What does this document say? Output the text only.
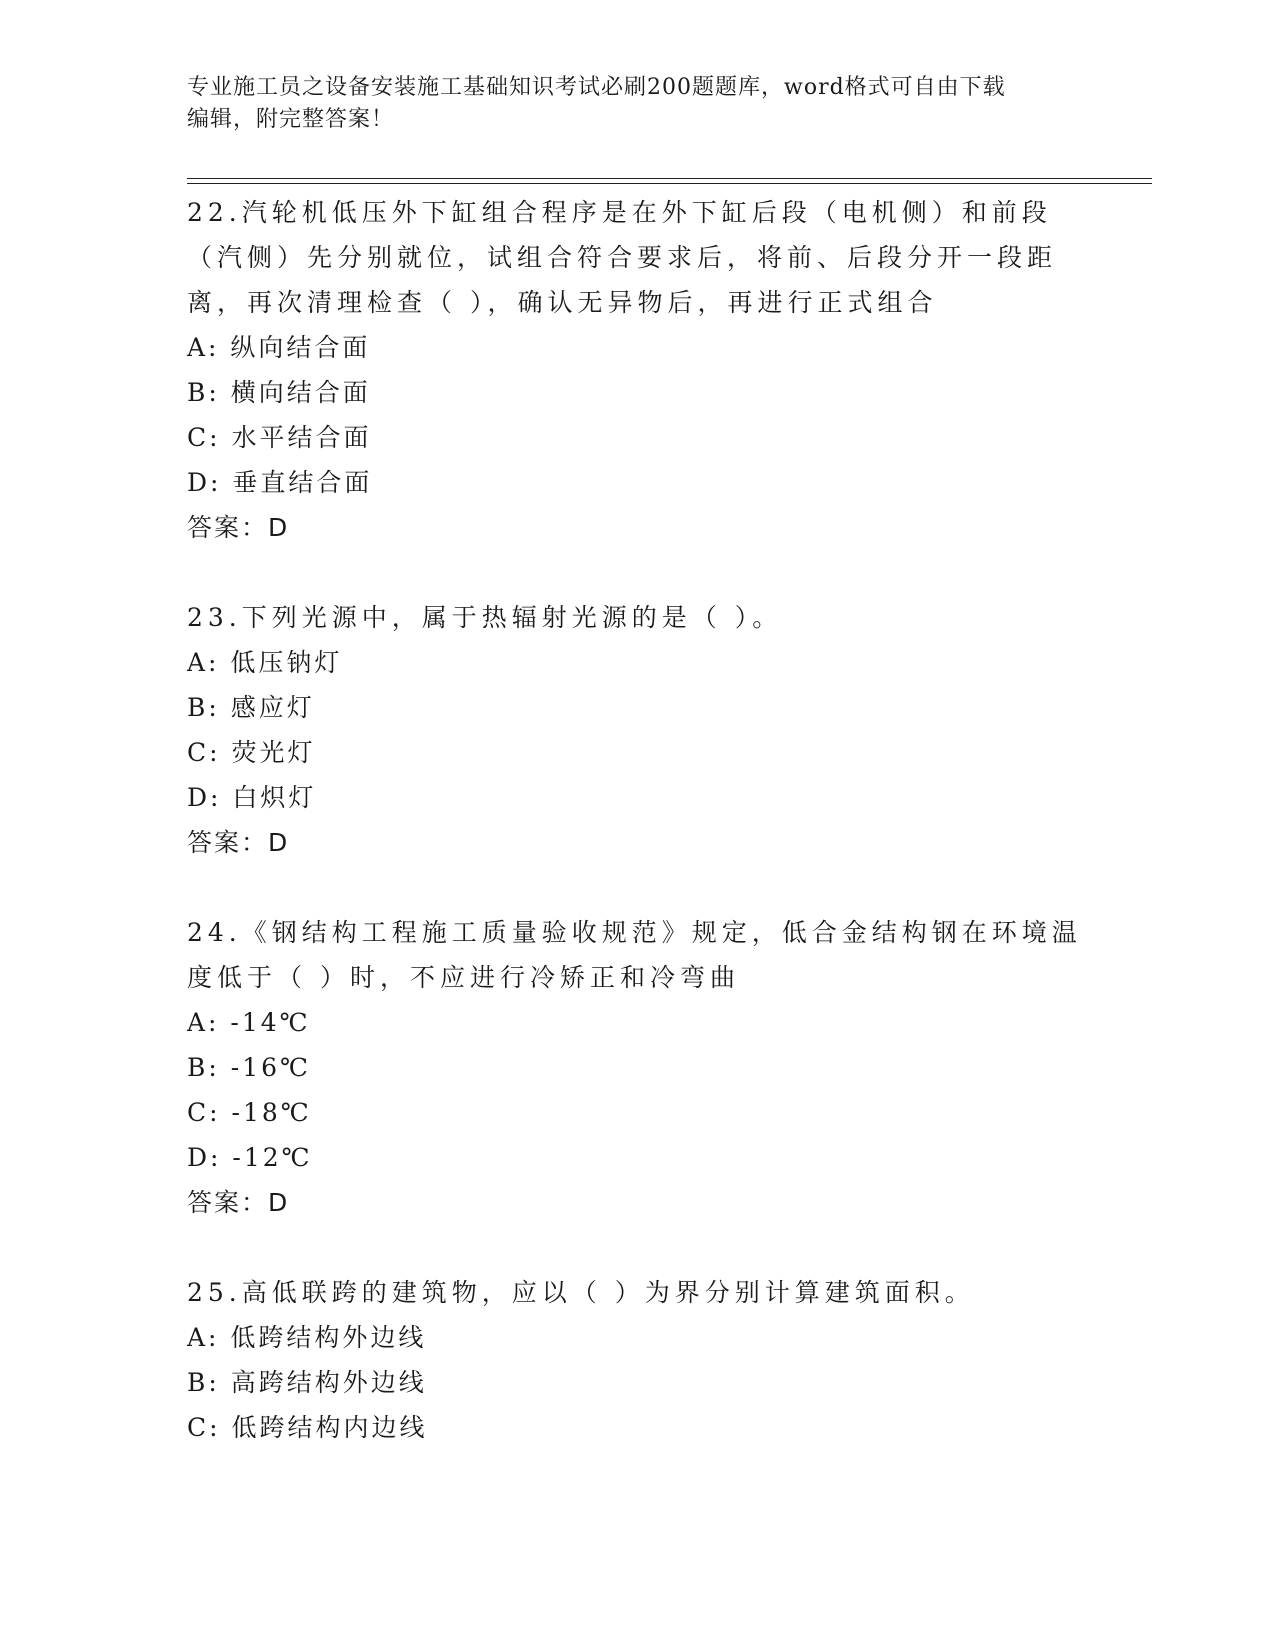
专业施工员之设备安装施工基础知识考试必刷200题题库，word格式可自由下载
编辑，附完整答案！

22.汽轮机低压外下缸组合程序是在外下缸后段（电机侧）和前段（汽侧）先分别就位，试组合符合要求后，将前、后段分开一段距离，再次清理检查（ ），确认无异物后，再进行正式组合

A: 纵向结合面

B: 横向结合面

C: 水平结合面

D: 垂直结合面

答案：D

23.下列光源中，属于热辐射光源的是（ ）。

A: 低压钠灯

B: 感应灯

C: 荧光灯

D: 白炽灯

答案：D

24.《钢结构工程施工质量验收规范》规定，低合金结构钢在环境温度低于（ ）时，不应进行冷矫正和冷弯曲

A: -14℃

B: -16℃

C: -18℃

D: -12℃

答案：D

25.高低联跨的建筑物，应以（ ）为界分别计算建筑面积。

A: 低跨结构外边线

B: 高跨结构外边线

C: 低跨结构内边线
